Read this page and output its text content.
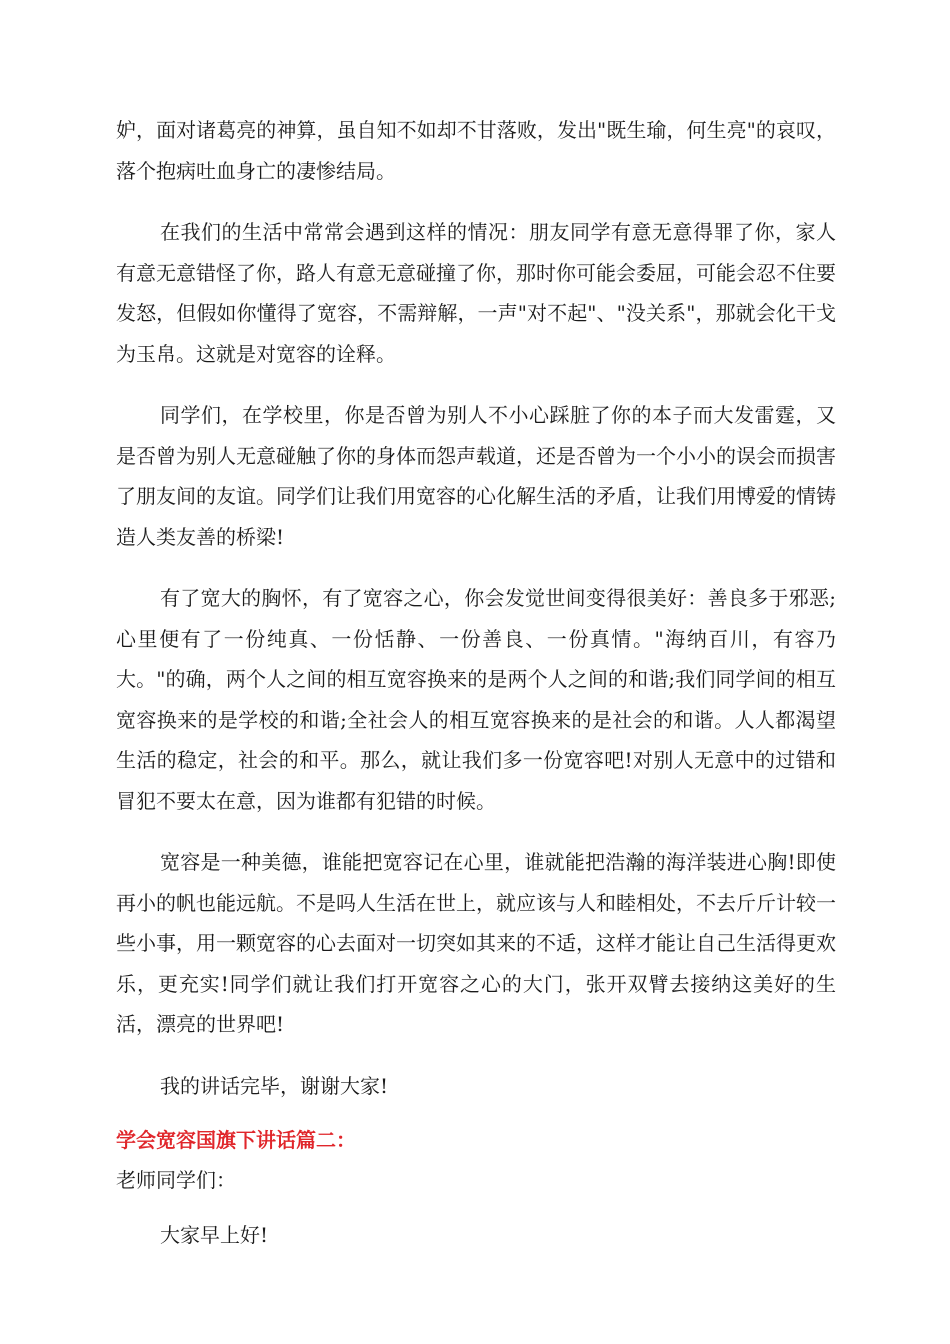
妒，面对诸葛亮的神算，虽自知不如却不甘落败，发出"既生瑜，何生亮"的哀叹，落个抱病吐血身亡的凄惨结局。

在我们的生活中常常会遇到这样的情况：朋友同学有意无意得罪了你，家人有意无意错怪了你，路人有意无意碰撞了你，那时你可能会委屈，可能会忍不住要发怒，但假如你懂得了宽容，不需辩解，一声"对不起"、"没关系"，那就会化干戈为玉帛。这就是对宽容的诠释。

同学们，在学校里，你是否曾为别人不小心踩脏了你的本子而大发雷霆，又是否曾为别人无意碰触了你的身体而怨声载道，还是否曾为一个小小的误会而损害了朋友间的友谊。同学们让我们用宽容的心化解生活的矛盾，让我们用博爱的情铸造人类友善的桥梁!

有了宽大的胸怀，有了宽容之心，你会发觉世间变得很美好：善良多于邪恶;心里便有了一份纯真、一份恬静、一份善良、一份真情。"海纳百川，有容乃大。"的确，两个人之间的相互宽容换来的是两个人之间的和谐;我们同学间的相互宽容换来的是学校的和谐;全社会人的相互宽容换来的是社会的和谐。人人都渴望生活的稳定，社会的和平。那么，就让我们多一份宽容吧!对别人无意中的过错和冒犯不要太在意，因为谁都有犯错的时候。

宽容是一种美德，谁能把宽容记在心里，谁就能把浩瀚的海洋装进心胸!即使再小的帆也能远航。不是吗人生活在世上，就应该与人和睦相处，不去斤斤计较一些小事，用一颗宽容的心去面对一切突如其来的不适，这样才能让自己生活得更欢乐，更充实!同学们就让我们打开宽容之心的大门，张开双臂去接纳这美好的生活，漂亮的世界吧!

我的讲话完毕，谢谢大家!

学会宽容国旗下讲话篇二：

老师同学们：

大家早上好!
